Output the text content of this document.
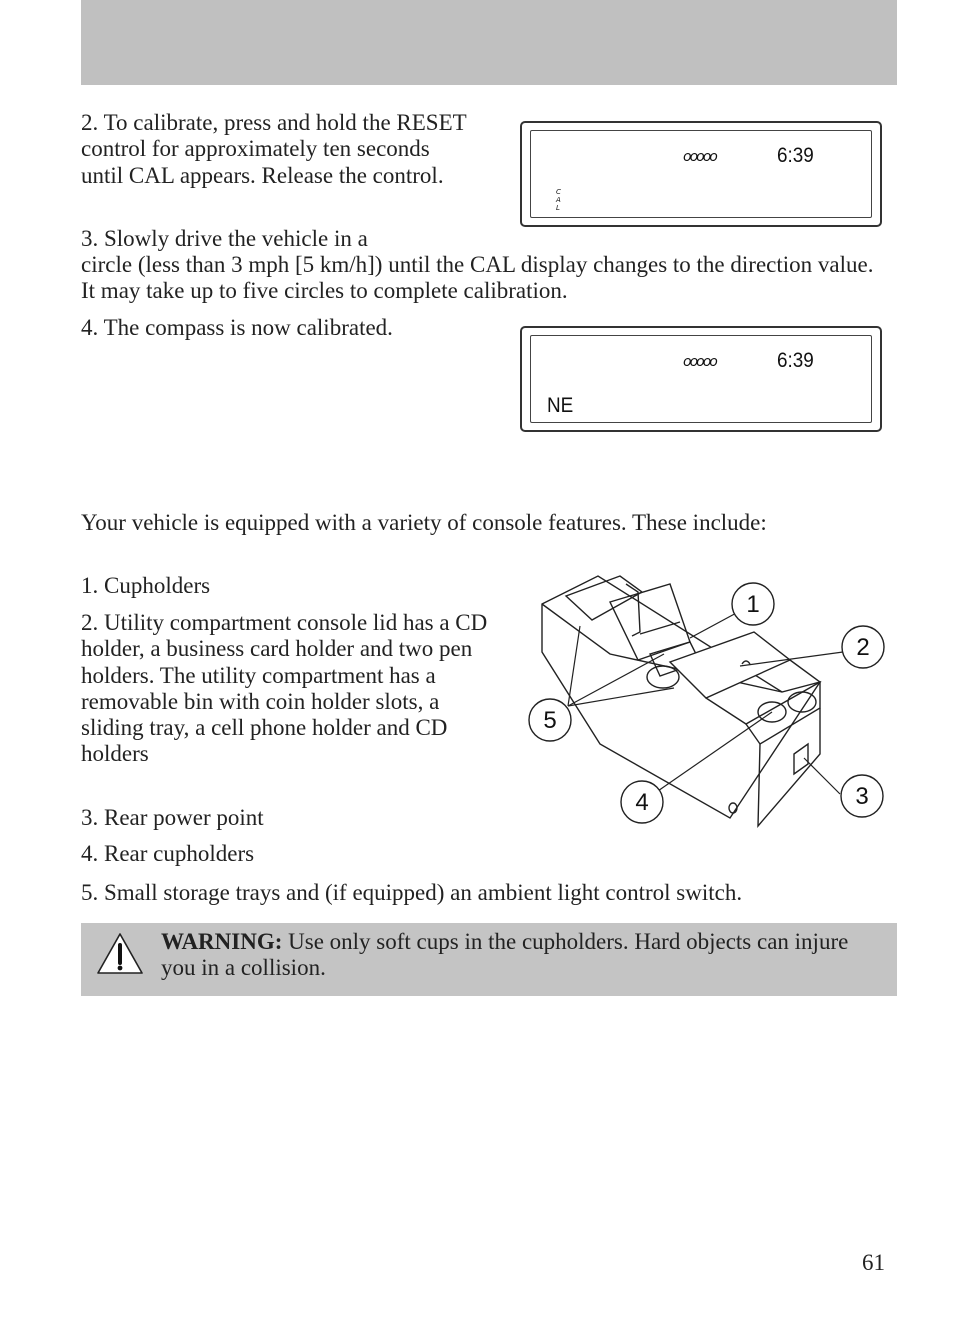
2. To calibrate, press and hold the RESET control for approximately ten seconds until CAL appears. Release the control.

ooooo	6:39
CAL

3. Slowly drive the vehicle in a

circle (less than 3 mph [5 km/h]) until the CAL display changes to the direction value. It may take up to five circles to complete calibration.

4. The compass is now calibrated.

ooooo	6:39
NE

Your vehicle is equipped with a variety of console features. These include:

1. Cupholders

2. Utility compartment console lid has a CD holder, a business card holder and two pen holders. The utility compartment has a removable bin with coin holder slots, a sliding tray, a cell phone holder and CD holders

3. Rear power point

4. Rear cupholders

5. Small storage trays and (if equipped) an ambient light control switch.

1
2
3
4
5
WARNING: Use only soft cups in the cupholders. Hard objects can injure you in a collision.
61
